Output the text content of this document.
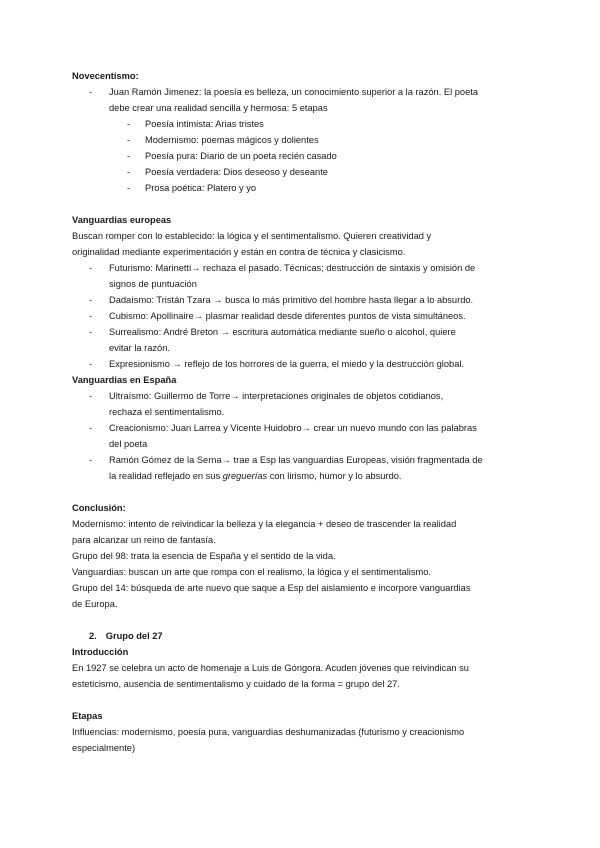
Novecentismo:
- Juan Ramón Jimenez: la poesía es belleza, un conocimiento superior a la razón. El poeta
debe crear una realidad sencilla y hermosa: 5 etapas
- Poesía intimista: Arias tristes
- Modernismo: poemas mágicos y dolientes
- Poesía pura: Diario de un poeta recién casado
- Poesía verdadera: Dios deseoso y deseante
- Prosa poética: Platero y yo
Vanguardias europeas
Buscan romper con lo establecido: la lógica y el sentimentalismo. Quieren creatividad y
originalidad mediante experimentación y están en contra de técnica y clasicismo.
- Futurismo: Marinetti→ rechaza el pasado. Técnicas; destrucción de sintaxis y omisión de
signos de puntuación
- Dadaísmo: Tristán Tzara → busca lo más primitivo del hombre hasta llegar a lo absurdo.
- Cubismo: Apollinaire→ plasmar realidad desde diferentes puntos de vista simultáneos.
- Surrealismo: André Breton → escritura automática mediante sueño o alcohol, quiere
evitar la razón.
- Expresionismo → reflejo de los horrores de la guerra, el miedo y la destrucción global.
Vanguardias en España
- Ultraísmo: Guillermo de Torre→ interpretaciones originales de objetos cotidianos,
rechaza el sentimentalismo.
- Creacionismo: Juan Larrea y Vicente Huidobro→ crear un nuevo mundo con las palabras
del poeta
- Ramón Gómez de la Serna→ trae a Esp las vanguardias Europeas, visión fragmentada de
la realidad reflejado en sus greguerías con lirismo, humor y lo absurdo.
Conclusión:
Modernismo: intento de reivindicar la belleza y la elegancia + deseo de trascender la realidad
para alcanzar un reino de fantasía.
Grupo del 98: trata la esencia de España y el sentido de la vida.
Vanguardias: buscan un arte que rompa con el realismo, la lógica y el sentimentalismo.
Grupo del 14: búsqueda de arte nuevo que saque a Esp del aislamiento e incorpore vanguardias
de Europa.
2. Grupo del 27
Introducción
En 1927 se celebra un acto de homenaje a Luis de Góngora. Acuden jóvenes que reivindican su
esteticismo, ausencia de sentimentalismo y cuidado de la forma = grupo del 27.
Etapas
Influencias: modernismo, poesía pura, vanguardias deshumanizadas (futurismo y creacionismo
especialmente)
